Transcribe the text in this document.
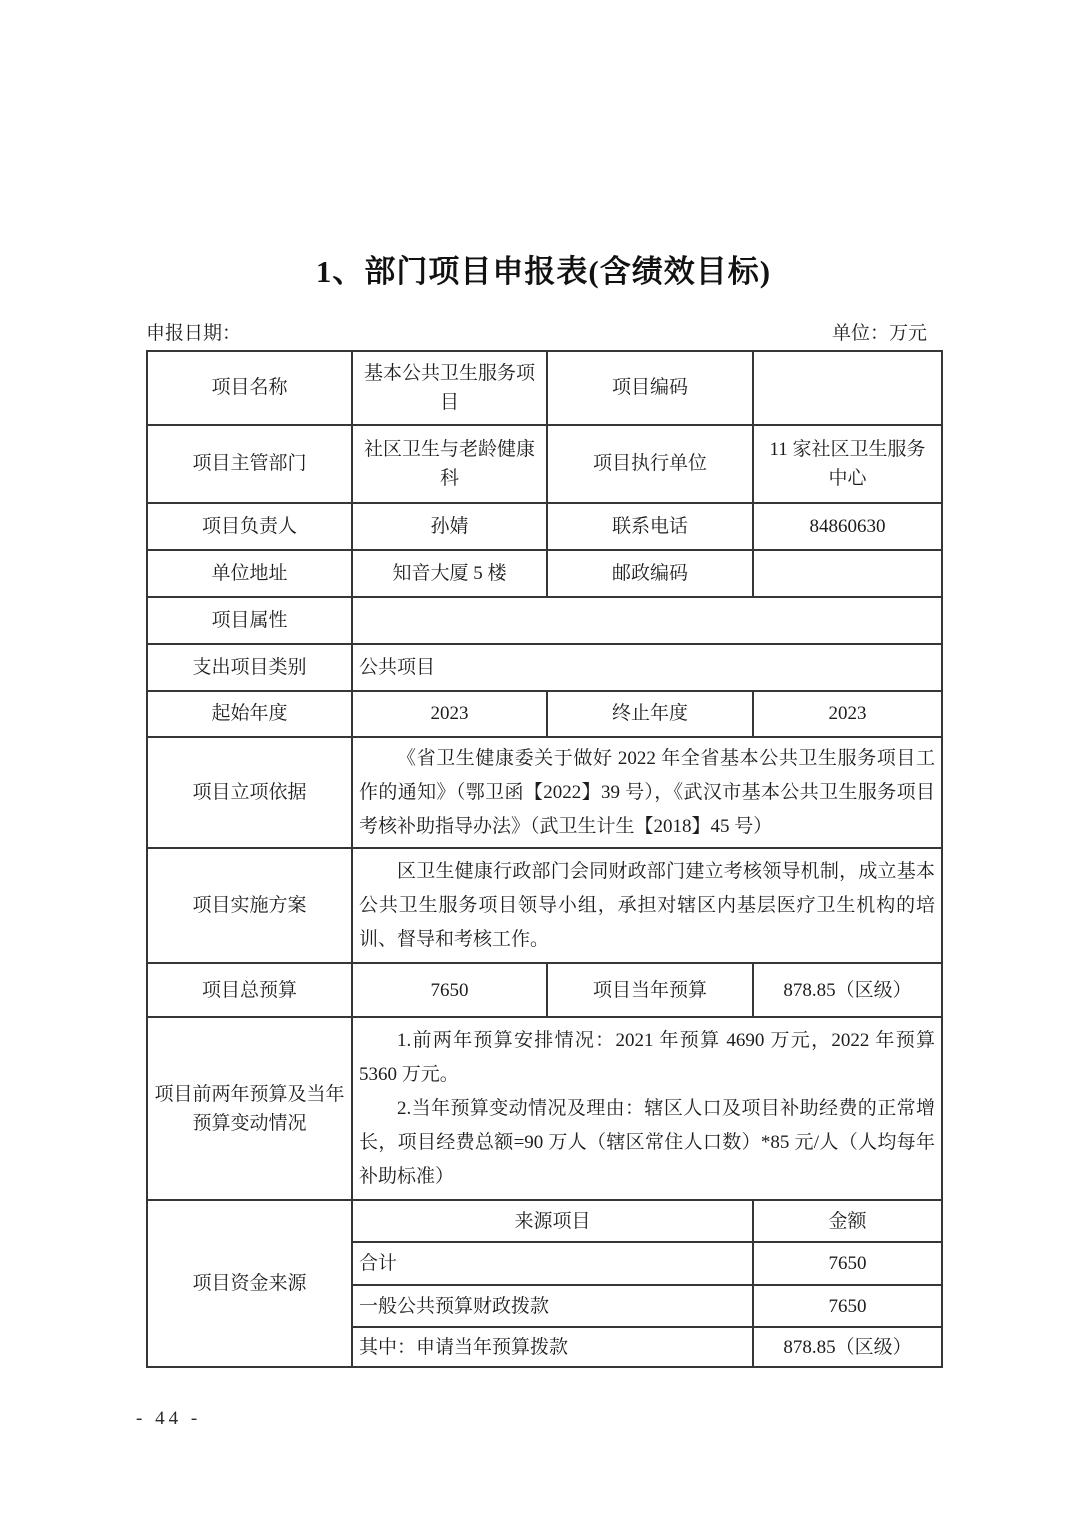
1、部门项目申报表(含绩效目标)
申报日期：	单位：万元
项目名称	基本公共卫生服务项目	项目编码	
项目主管部门	社区卫生与老龄健康科	项目执行单位	11 家社区卫生服务中心
项目负责人	孙婧	联系电话	84860630
单位地址	知音大厦 5 楼	邮政编码	
项目属性			
支出项目类别	公共项目		
起始年度	2023	终止年度	2023
项目立项依据	《省卫生健康委关于做好 2022 年全省基本公共卫生服务项目工作的通知》（鄂卫函【2022】39 号），《武汉市基本公共卫生服务项目考核补助指导办法》（武卫生计生【2018】45 号）		

项目实施方案	区卫生健康行政部门会同财政部门建立考核领导机制，成立基本公共卫生服务项目领导小组，承担对辖区内基层医疗卫生机构的培训、督导和考核工作。		

项目总预算	7650	项目当年预算	878.85（区级）
项目前两年预算及当年预算变动情况	1.前两年预算安排情况：2021 年预算 4690 万元，2022 年预算 5360 万元。

2.当年预算变动情况及理由：辖区人口及项目补助经费的正常增长，项目经费总额=90 万人（辖区常住人口数）*85 元/人（人均每年补助标准）		

项目资金来源	来源项目		金额
	合计		7650
	一般公共预算财政拨款		7650
	其中：申请当年预算拨款		878.85（区级）
- 44 -
